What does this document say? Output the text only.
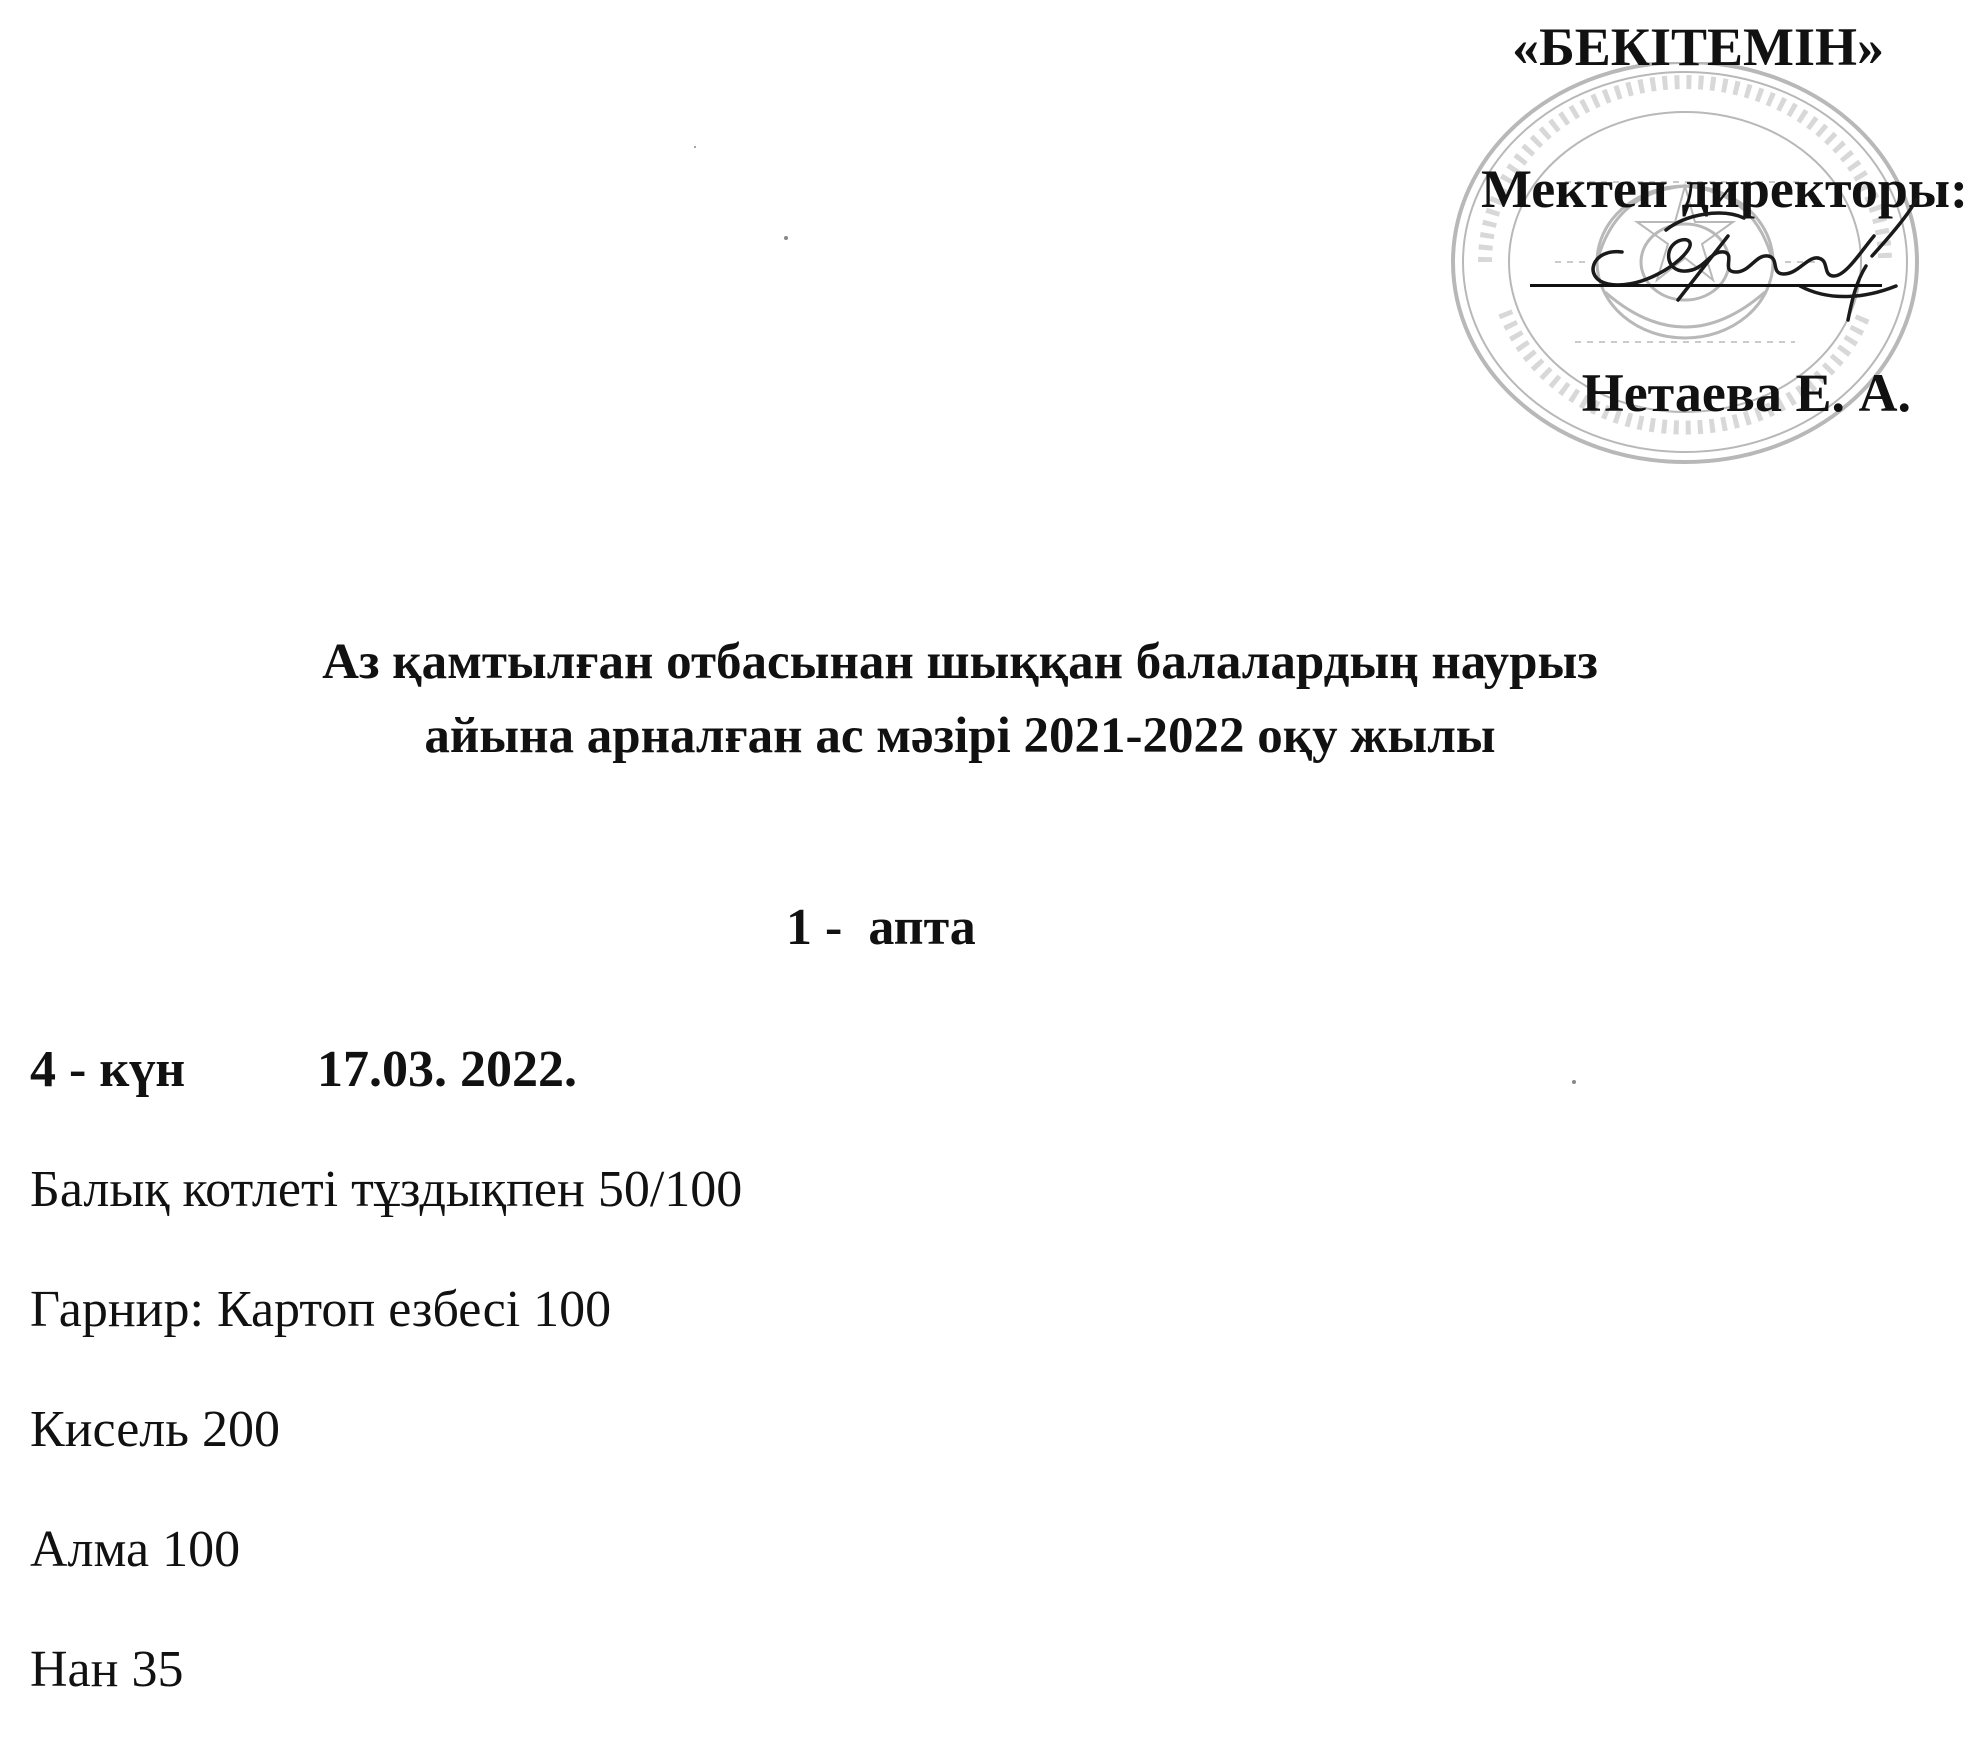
«БЕКІТЕМІН»
Мектеп директоры:
Нетаева Е. А.
Аз қамтылған отбасынан шыққан балалардың наурыз
айына арналған ас мәзірі 2021-2022 оқу жылы
1 -  апта
4 - күн	17.03. 2022.
Балық котлеті тұздықпен 50/100
Гарнир: Картоп езбесі 100
Кисель 200
Алма 100
Нан 35
